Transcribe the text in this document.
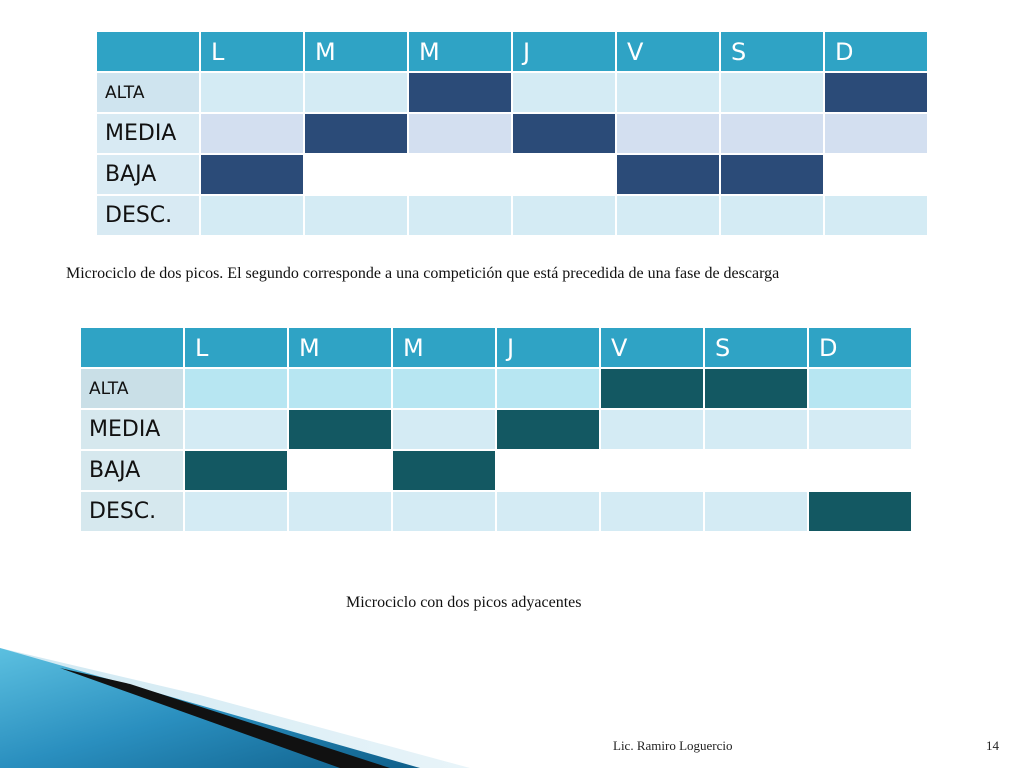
	L	M	M	J	V	S	D
ALTA							
MEDIA							
BAJA							
DESC.							
Microciclo de dos picos. El segundo corresponde a una competición que está precedida de una fase de descarga
	L	M	M	J	V	S	D
ALTA							
MEDIA							
BAJA							
DESC.							
Microciclo con dos picos adyacentes
Lic. Ramiro Loguercio	14
